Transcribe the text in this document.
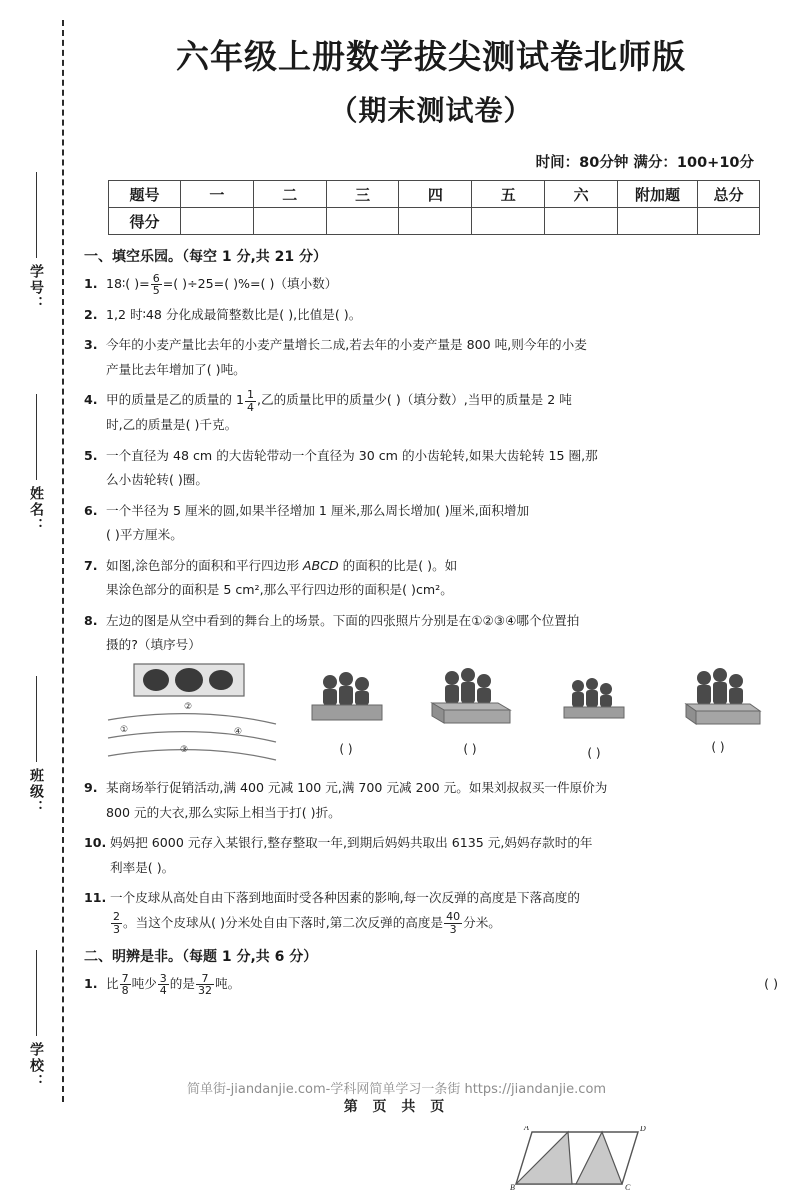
学号：
姓名：
班级：
学校：
六年级上册数学拔尖测试卷北师版
（期末测试卷）
时间：80分钟 满分：100+10分
题号	一	二	三	四	五	六	附加题	总分
得分								
一、填空乐园。（每空 1 分,共 21 分）
1. 18∶( )= $\frac{6}{5}$ =( )÷25=( )%=( )（填小数）
2. 1,2 时∶48 分化成最简整数比是( ),比值是( )。
3. 今年的小麦产量比去年的小麦产量增长二成,若去年的小麦产量是 800 吨,则今年的小麦
产量比去年增加了( )吨。
4. 甲的质量是乙的质量的 $1 \frac{1}{4}$ ,乙的质量比甲的质量少( )（填分数）,当甲的质量是 2 吨
时,乙的质量是( )千克。
5. 一个直径为 48 cm 的大齿轮带动一个直径为 30 cm 的小齿轮转,如果大齿轮转 15 圈,那
么小齿轮转( )圈。
6. 一个半径为 5 厘米的圆,如果半径增加 1 厘米,那么周长增加( )厘米,面积增加
( )平方厘米。
7. 如图,涂色部分的面积和平行四边形 ABCD 的面积的比是( )。如
果涂色部分的面积是 5 cm²,那么平行四边形的面积是( )cm²。
A	D
B	C
8. 左边的图是从空中看到的舞台上的场景。下面的四张照片分别是在①②③④哪个位置拍
摄的?（填序号）
②
①	④
③	( )	( )	( )	( )
9. 某商场举行促销活动,满 400 元减 100 元,满 700 元减 200 元。如果刘叔叔买一件原价为
800 元的大衣,那么实际上相当于打( )折。
10. 妈妈把 6000 元存入某银行,整存整取一年,到期后妈妈共取出 6135 元,妈妈存款时的年
利率是( )。
11. 一个皮球从高处自由下落到地面时受各种因素的影响,每一次反弹的高度是下落高度的

$\frac{2}{3}$ 。当这个皮球从( )分米处自由下落时,第二次反弹的高度是 $\frac{40}{3}$ 分米。
二、明辨是非。（每题 1 分,共 6 分）
1. 比 $\frac{7}{8}$ 吨少 $\frac{3}{4}$ 的是 $\frac{7}{32}$ 吨。	( )
简单街-jiandanjie.com-学科网简单学习一条街 https://jiandanjie.com
第 页 共 页
